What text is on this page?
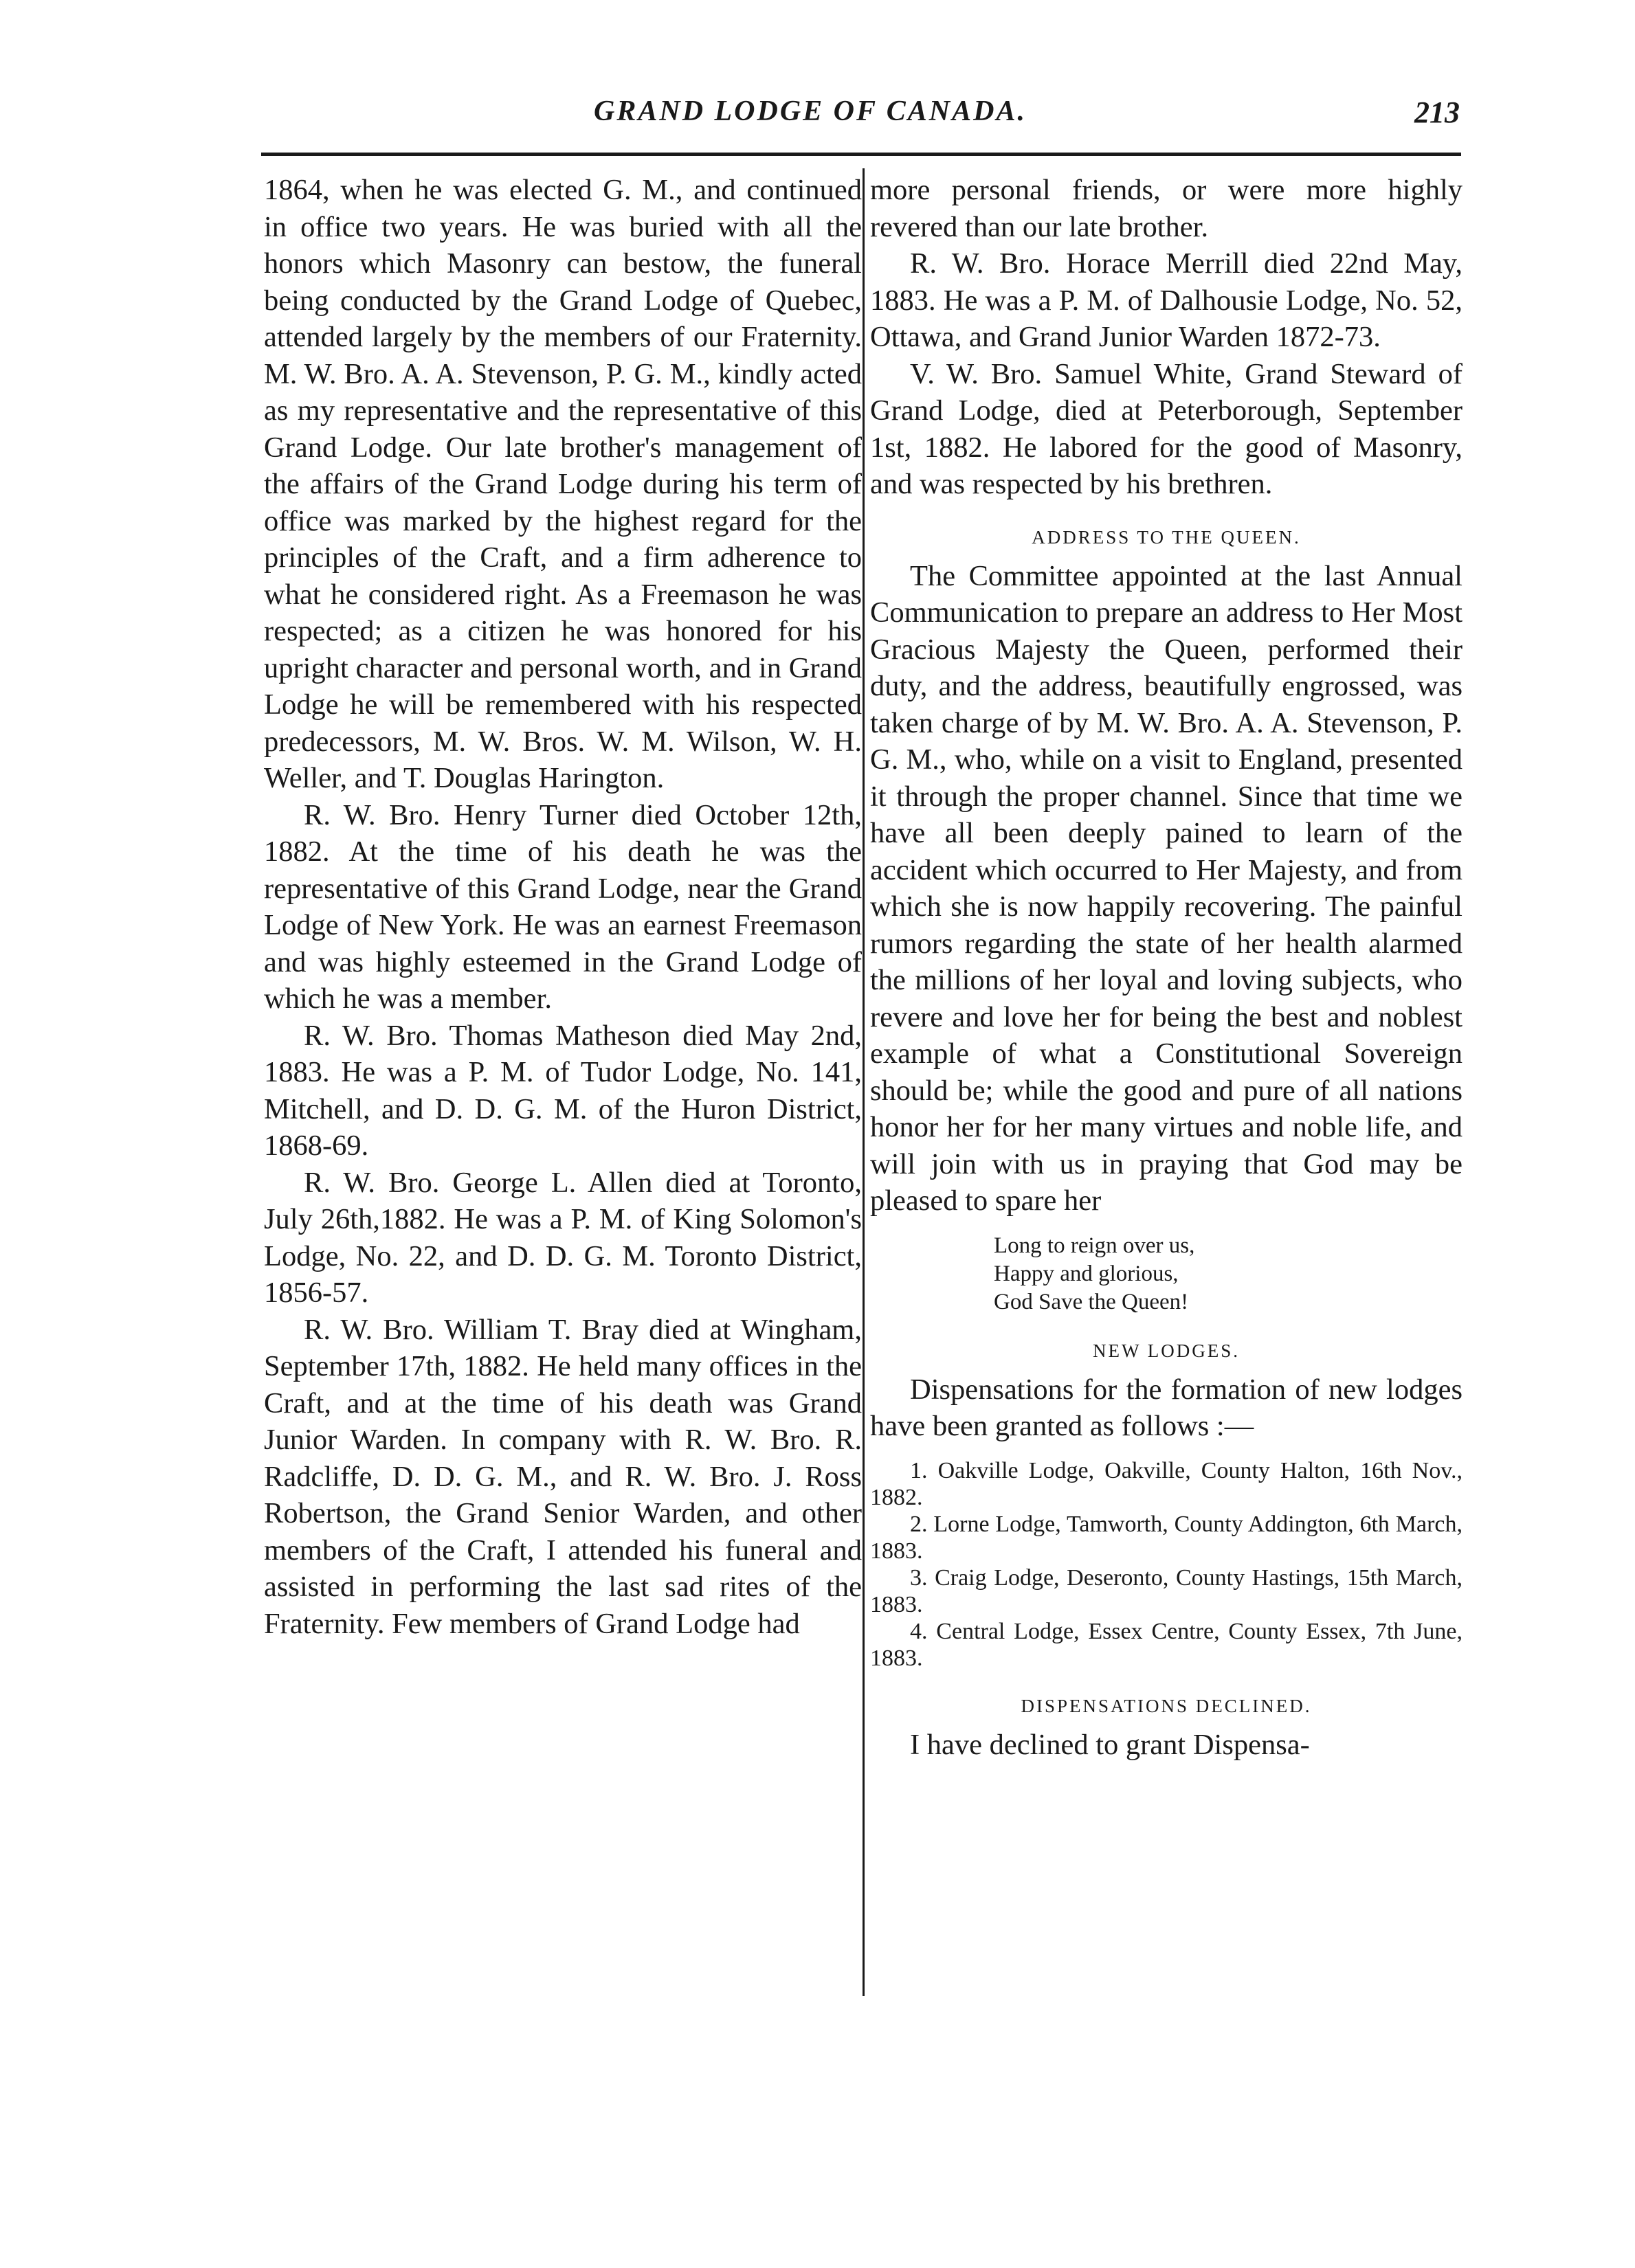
GRAND LODGE OF CANADA.	213

1864, when he was elected G. M., and continued in office two years. He was buried with all the honors which Masonry can bestow, the funeral being conducted by the Grand Lodge of Quebec, attended largely by the members of our Fraternity. M. W. Bro. A. A. Stevenson, P. G. M., kindly acted as my representative and the representative of this Grand Lodge. Our late brother's management of the affairs of the Grand Lodge during his term of office was marked by the highest regard for the principles of the Craft, and a firm adherence to what he considered right. As a Freemason he was respected; as a citizen he was honored for his upright character and personal worth, and in Grand Lodge he will be remembered with his respected predecessors, M. W. Bros. W. M. Wilson, W. H. Weller, and T. Douglas Harington.

R. W. Bro. Henry Turner died October 12th, 1882. At the time of his death he was the representative of this Grand Lodge, near the Grand Lodge of New York. He was an earnest Freemason and was highly esteemed in the Grand Lodge of which he was a member.

R. W. Bro. Thomas Matheson died May 2nd, 1883. He was a P. M. of Tudor Lodge, No. 141, Mitchell, and D. D. G. M. of the Huron District, 1868-69.

R. W. Bro. George L. Allen died at Toronto, July 26th,1882. He was a P. M. of King Solomon's Lodge, No. 22, and D. D. G. M. Toronto District, 1856-57.

R. W. Bro. William T. Bray died at Wingham, September 17th, 1882. He held many offices in the Craft, and at the time of his death was Grand Junior Warden. In company with R. W. Bro. R. Radcliffe, D. D. G. M., and R. W. Bro. J. Ross Robertson, the Grand Senior Warden, and other members of the Craft, I attended his funeral and assisted in performing the last sad rites of the Fraternity. Few members of Grand Lodge had

more personal friends, or were more highly revered than our late brother.

R. W. Bro. Horace Merrill died 22nd May, 1883. He was a P. M. of Dalhousie Lodge, No. 52, Ottawa, and Grand Junior Warden 1872-73.

V. W. Bro. Samuel White, Grand Steward of Grand Lodge, died at Peterborough, September 1st, 1882. He labored for the good of Masonry, and was respected by his brethren.

ADDRESS TO THE QUEEN.

The Committee appointed at the last Annual Communication to prepare an address to Her Most Gracious Majesty the Queen, performed their duty, and the address, beautifully engrossed, was taken charge of by M. W. Bro. A. A. Stevenson, P. G. M., who, while on a visit to England, presented it through the proper channel. Since that time we have all been deeply pained to learn of the accident which occurred to Her Majesty, and from which she is now happily recovering. The painful rumors regarding the state of her health alarmed the millions of her loyal and loving subjects, who revere and love her for being the best and noblest example of what a Constitutional Sovereign should be; while the good and pure of all nations honor her for her many virtues and noble life, and will join with us in praying that God may be pleased to spare her

Long to reign over us,
Happy and glorious,
God Save the Queen!
NEW LODGES.

Dispensations for the formation of new lodges have been granted as follows :—

1. Oakville Lodge, Oakville, County Halton, 16th Nov., 1882.
2. Lorne Lodge, Tamworth, County Addington, 6th March, 1883.
3. Craig Lodge, Deseronto, County Hastings, 15th March, 1883.
4. Central Lodge, Essex Centre, County Essex, 7th June, 1883.
DISPENSATIONS DECLINED.

I have declined to grant Dispensa-
